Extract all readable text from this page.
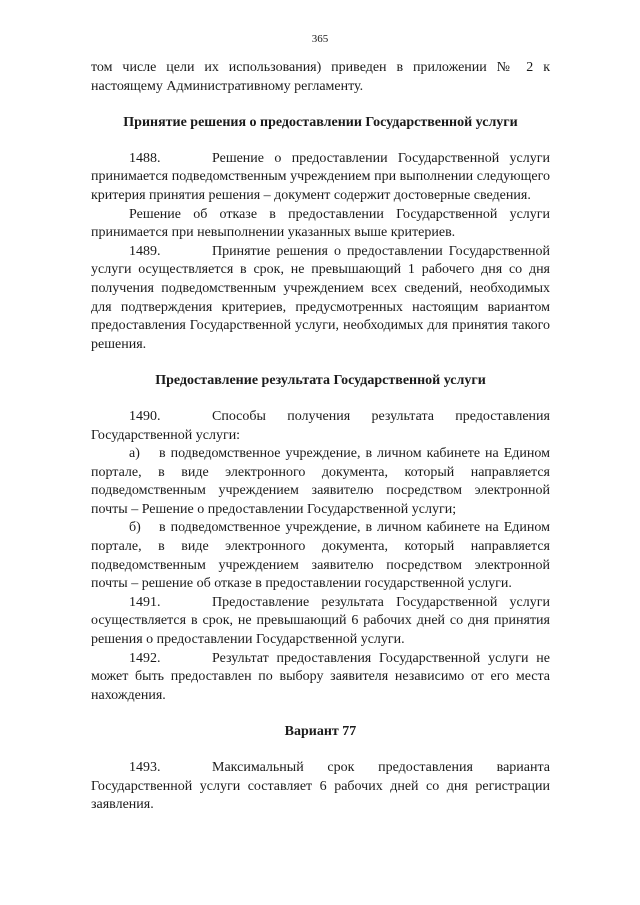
365

том числе цели их использования) приведен в приложении № 2 к настоящему Административному регламенту.

Принятие решения о предоставлении Государственной услуги

1488.	Решение о предоставлении Государственной услуги принимается подведомственным учреждением при выполнении следующего критерия принятия решения – документ содержит достоверные сведения.

Решение об отказе в предоставлении Государственной услуги принимается при невыполнении указанных выше критериев.

1489.	Принятие решения о предоставлении Государственной услуги осуществляется в срок, не превышающий 1 рабочего дня со дня получения подведомственным учреждением всех сведений, необходимых для подтверждения критериев, предусмотренных настоящим вариантом предоставления Государственной услуги, необходимых для принятия такого решения.

Предоставление результата Государственной услуги

1490.	Способы получения результата предоставления Государственной услуги:

а) в подведомственное учреждение, в личном кабинете на Едином портале, в виде электронного документа, который направляется подведомственным учреждением заявителю посредством электронной почты – Решение о предоставлении Государственной услуги;

б) в подведомственное учреждение, в личном кабинете на Едином портале, в виде электронного документа, который направляется подведомственным учреждением заявителю посредством электронной почты – решение об отказе в предоставлении государственной услуги.

1491.	Предоставление результата Государственной услуги осуществляется в срок, не превышающий 6 рабочих дней со дня принятия решения о предоставлении Государственной услуги.

1492.	Результат предоставления Государственной услуги не может быть предоставлен по выбору заявителя независимо от его места нахождения.

Вариант 77

1493.	Максимальный срок предоставления варианта Государственной услуги составляет 6 рабочих дней со дня регистрации заявления.
